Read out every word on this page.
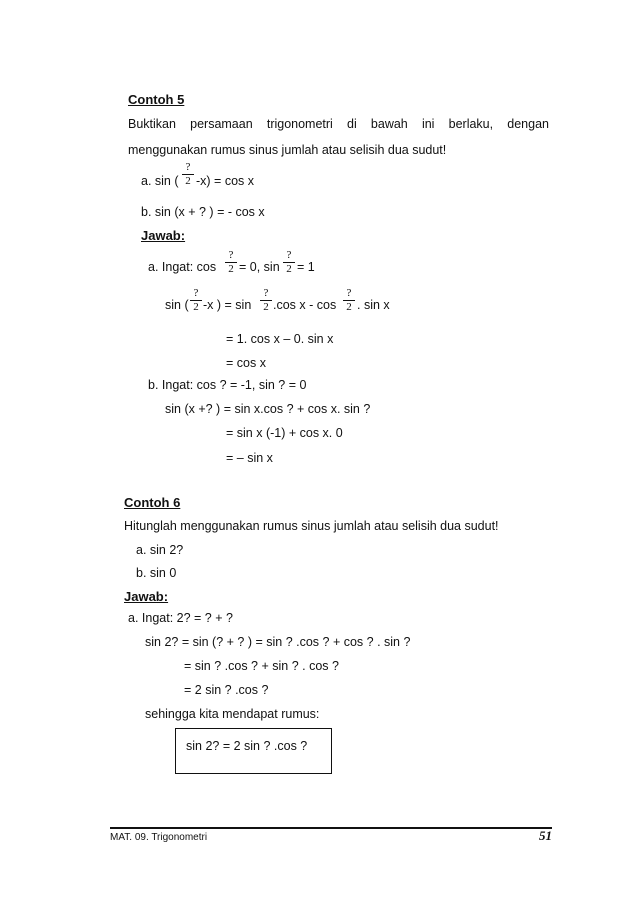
Contoh 5
Buktikan persamaan trigonometri di bawah ini berlaku, dengan
menggunakan rumus sinus jumlah atau selisih dua sudut!
a. sin (
?
2 -x) = cos x
b. sin (x + ? ) = - cos x
Jawab:
a. Ingat: cos
?
2 = 0, sin
?
2 = 1
sin (
?
2 -x ) = sin
?
2 .cos x - cos
?
2 . sin x
= 1. cos x – 0. sin x
= cos x
b. Ingat: cos ? = -1, sin ? = 0
sin (x +? ) = sin x.cos ? + cos x. sin ?
= sin x (-1) + cos x. 0
= – sin x
Contoh 6
Hitunglah menggunakan rumus sinus jumlah atau selisih dua sudut!
a. sin 2?
b. sin 0
Jawab:
a. Ingat: 2? = ? + ?
sin 2? = sin (? + ? ) = sin ? .cos ? + cos ? . sin ?
= sin ? .cos ? + sin ? . cos ?
= 2 sin ? .cos ?
sehingga kita mendapat rumus:
sin 2? = 2 sin ? .cos ?
MAT. 09. Trigonometri	51
